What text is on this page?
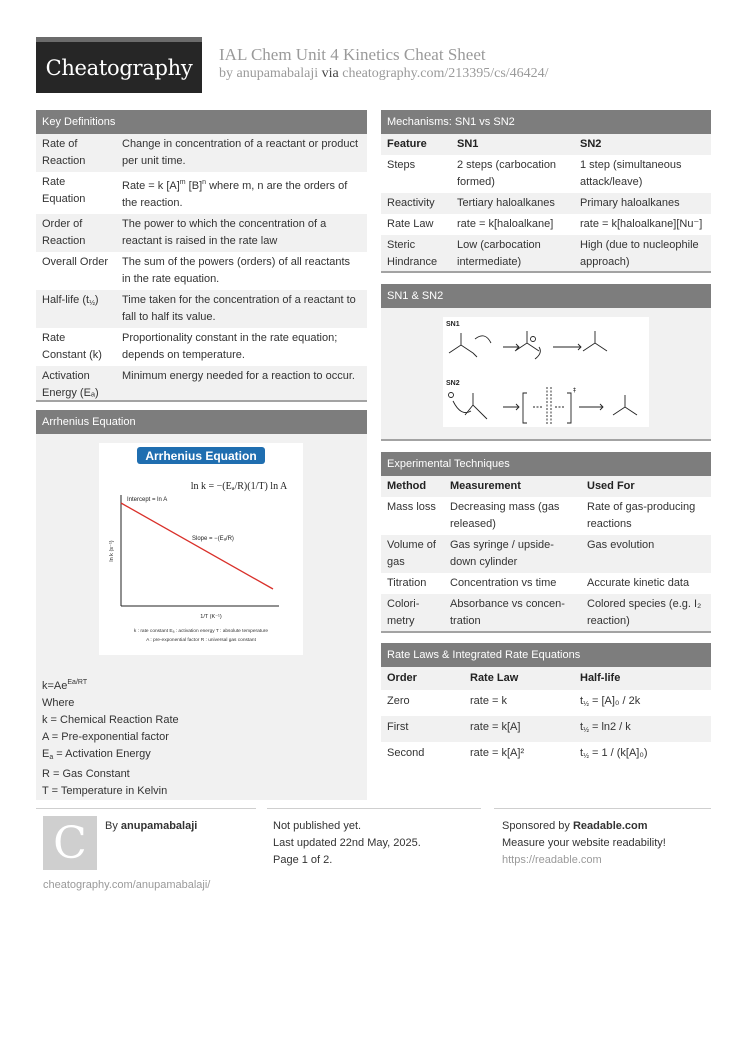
Cheatography
IAL Chem Unit 4 Kinetics Cheat Sheet
by anupamabalaji via cheatography.com/213395/cs/46424/
Key Definitions
Rate of Reaction	Change in concentration of a reactant or product per unit time.
Rate Equation	Rate = k $[A]^m$ $[B]^n$ where m, n are the orders of the reaction.
Order of Reaction	The power to which the concentration of a reactant is raised in the rate law
Overall Order	The sum of the powers (orders) of all reactants in the rate equation.
Half-life $(t_{\frac{1}{2}})$	Time taken for the concentration of a reactant to fall to half its value.
Rate Constant (k)	Proportionality constant in the rate equation; depends on temperature.
Activation Energy (Eₐ)	Minimum energy needed for a reaction to occur.
Arrhenius Equation
Arrhenius Equation
ln k = −(Eₐ/R)(1/T) ln A
Intercept = ln A
Slope = −(Eₐ/R)
ln k (s⁻¹)
1/T (K⁻¹)
k : rate constant Eₐ : activation energy T : absolute temperature
A : pre-exponential factor R : universal gas constant
$k=Ae^{Ea/RT}$
Where
k = Chemical Reaction Rate
A = Pre-exponential factor
$E_a$ = Activation Energy
R = Gas Constant
T = Temperature in Kelvin
Mechanisms: SN1 vs SN2
Feature	SN1	SN2
Steps	2 steps (carbocation formed)	1 step (simultaneous attack/leave)
Reactivity	Tertiary haloalkanes	Primary haloalkanes
Rate Law	rate = k[haloalkane]	rate = k[haloalkane][Nu⁻]
Steric Hindrance	Low (carbocation intermediate)	High (due to nucleophile approach)
SN1 & SN2
SN1
SN2
‡
Experimental Techniques
Method	Measurement	Used For
Mass loss	Decreasing mass (gas released)	Rate of gas-producing reactions
Volume of gas	Gas syringe / upside-down cylinder	Gas evolution
Titration	Concentration vs time	Accurate kinetic data
Colori-metry	Absorbance vs concen-tration	Colored species (e.g. I₂ reaction)
Rate Laws & Integrated Rate Equations
Order	Rate Law	Half-life
Zero	rate = k	$t_{\frac{1}{2}} = [A]_0 / 2k$
First	rate = k[A]	$t_{\frac{1}{2}} = \ln 2 / k$
Second	rate = k[A]²	$t_{\frac{1}{2}} = 1 / (k[A]_0)$
C By anupamabalaji
cheatography.com/anupamabalaji/
Not published yet.
Last updated 22nd May, 2025.
Page 1 of 2.
Sponsored by Readable.com
Measure your website readability!
https://readable.com
